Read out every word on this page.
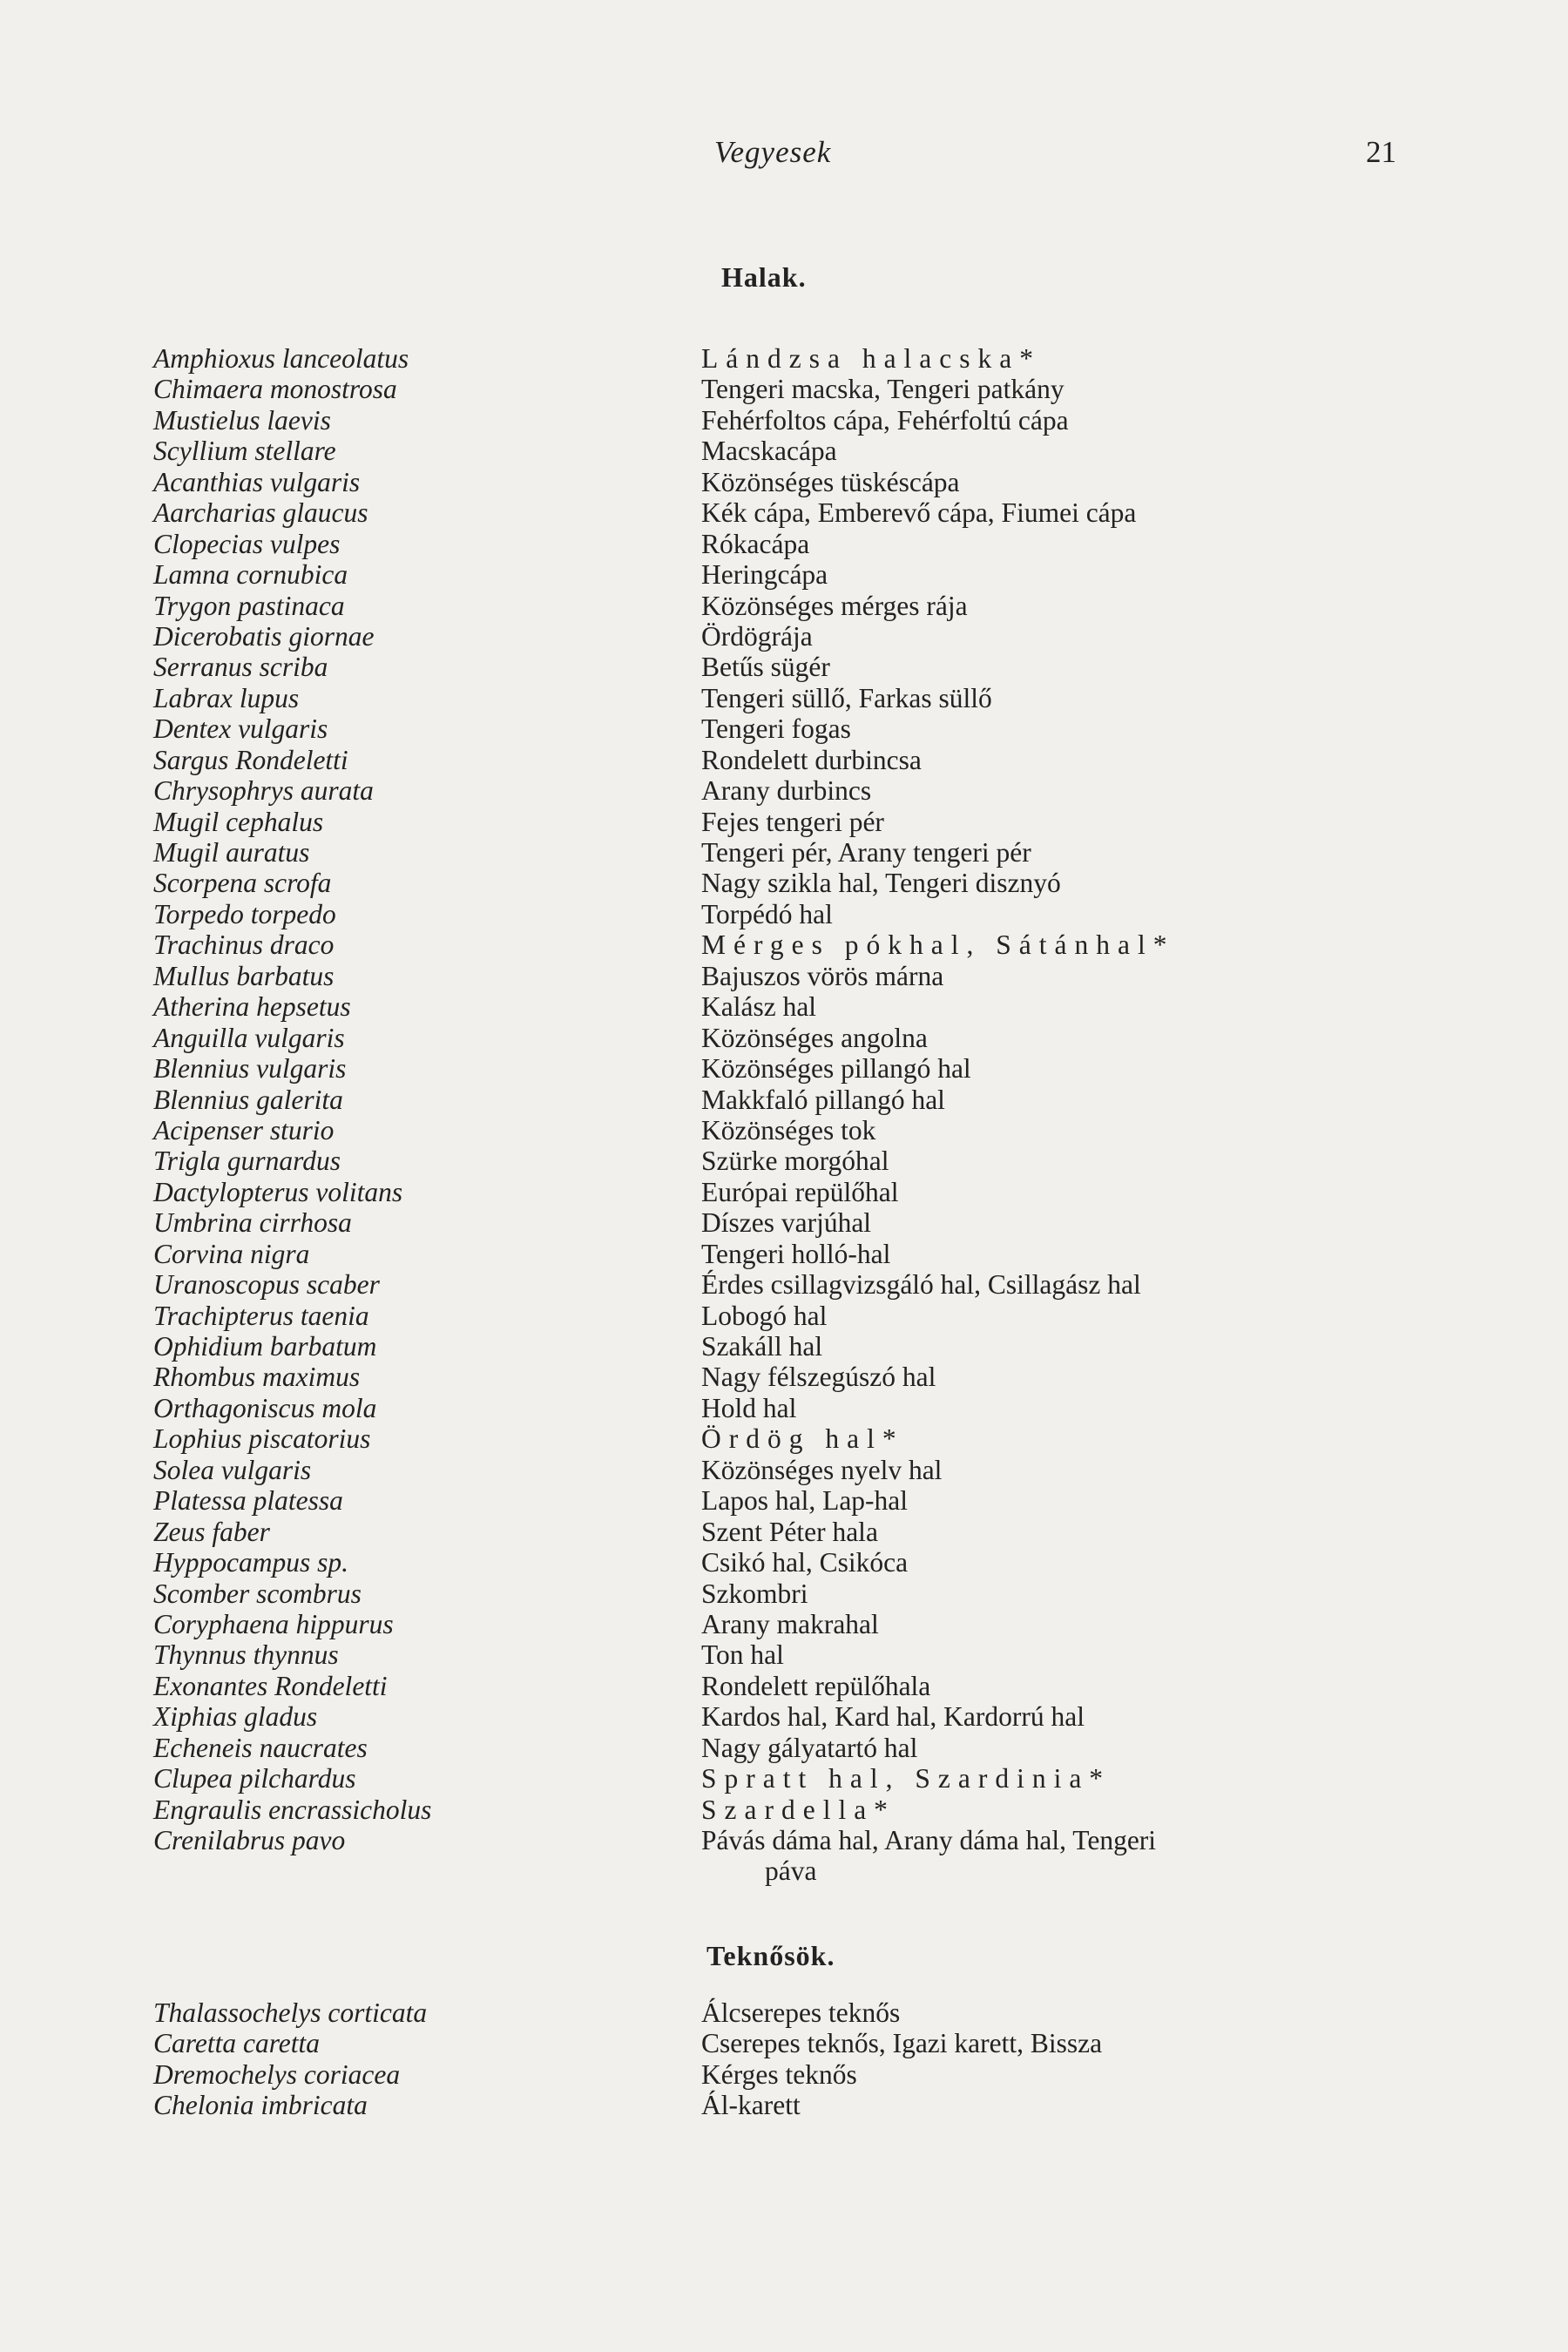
Vegyesek	21
Halak.
Amphioxus lanceolatus
Chimaera monostrosa
Mustielus laevis
Scyllium stellare
Acanthias vulgaris
Aarcharias glaucus
Clopecias vulpes
Lamna cornubica
Trygon pastinaca
Dicerobatis giornae
Serranus scriba
Labrax lupus
Dentex vulgaris
Sargus Rondeletti
Chrysophrys aurata
Mugil cephalus
Mugil auratus
Scorpena scrofa
Torpedo torpedo
Trachinus draco
Mullus barbatus
Atherina hepsetus
Anguilla vulgaris
Blennius vulgaris
Blennius galerita
Acipenser sturio
Trigla gurnardus
Dactylopterus volitans
Umbrina cirrhosa
Corvina nigra
Uranoscopus scaber
Trachipterus taenia
Ophidium barbatum
Rhombus maximus
Orthagoniscus mola
Lophius piscatorius
Solea vulgaris
Platessa platessa
Zeus faber
Hyppocampus sp.
Scomber scombrus
Coryphaena hippurus
Thynnus thynnus
Exonantes Rondeletti
Xiphias gladus
Echeneis naucrates
Clupea pilchardus
Engraulis encrassicholus
Crenilabrus pavo
Lándzsa halacska*
Tengeri macska, Tengeri patkány
Fehérfoltos cápa, Fehérfoltú cápa
Macskacápa
Közönséges tüskéscápa
Kék cápa, Emberevő cápa, Fiumei cápa
Rókacápa
Heringcápa
Közönséges mérges rája
Ördögrája
Betűs sügér
Tengeri süllő, Farkas süllő
Tengeri fogas
Rondelett durbincsa
Arany durbincs
Fejes tengeri pér
Tengeri pér, Arany tengeri pér
Nagy szikla hal, Tengeri disznyó
Torpédó hal
Mérges pókhal, Sátánhal*
Bajuszos vörös márna
Kalász hal
Közönséges angolna
Közönséges pillangó hal
Makkfaló pillangó hal
Közönséges tok
Szürke morgóhal
Európai repülőhal
Díszes varjúhal
Tengeri holló-hal
Érdes csillagvizsgáló hal, Csillagász hal
Lobogó hal
Szakáll hal
Nagy félszegúszó hal
Hold hal
Ördög hal*
Közönséges nyelv hal
Lapos hal, Lap-hal
Szent Péter hala
Csikó hal, Csikóca
Szkombri
Arany makrahal
Ton hal
Rondelett repülőhala
Kardos hal, Kard hal, Kardorrú hal
Nagy gályatartó hal
Spratt hal, Szardinia*
Szardella*
Pávás dáma hal, Arany dáma hal, Tengeri
páva
Teknősök.
Thalassochelys corticata
Caretta caretta
Dremochelys coriacea
Chelonia imbricata
Álcserepes teknős
Cserepes teknős, Igazi karett, Bissza
Kérges teknős
Ál-karett
